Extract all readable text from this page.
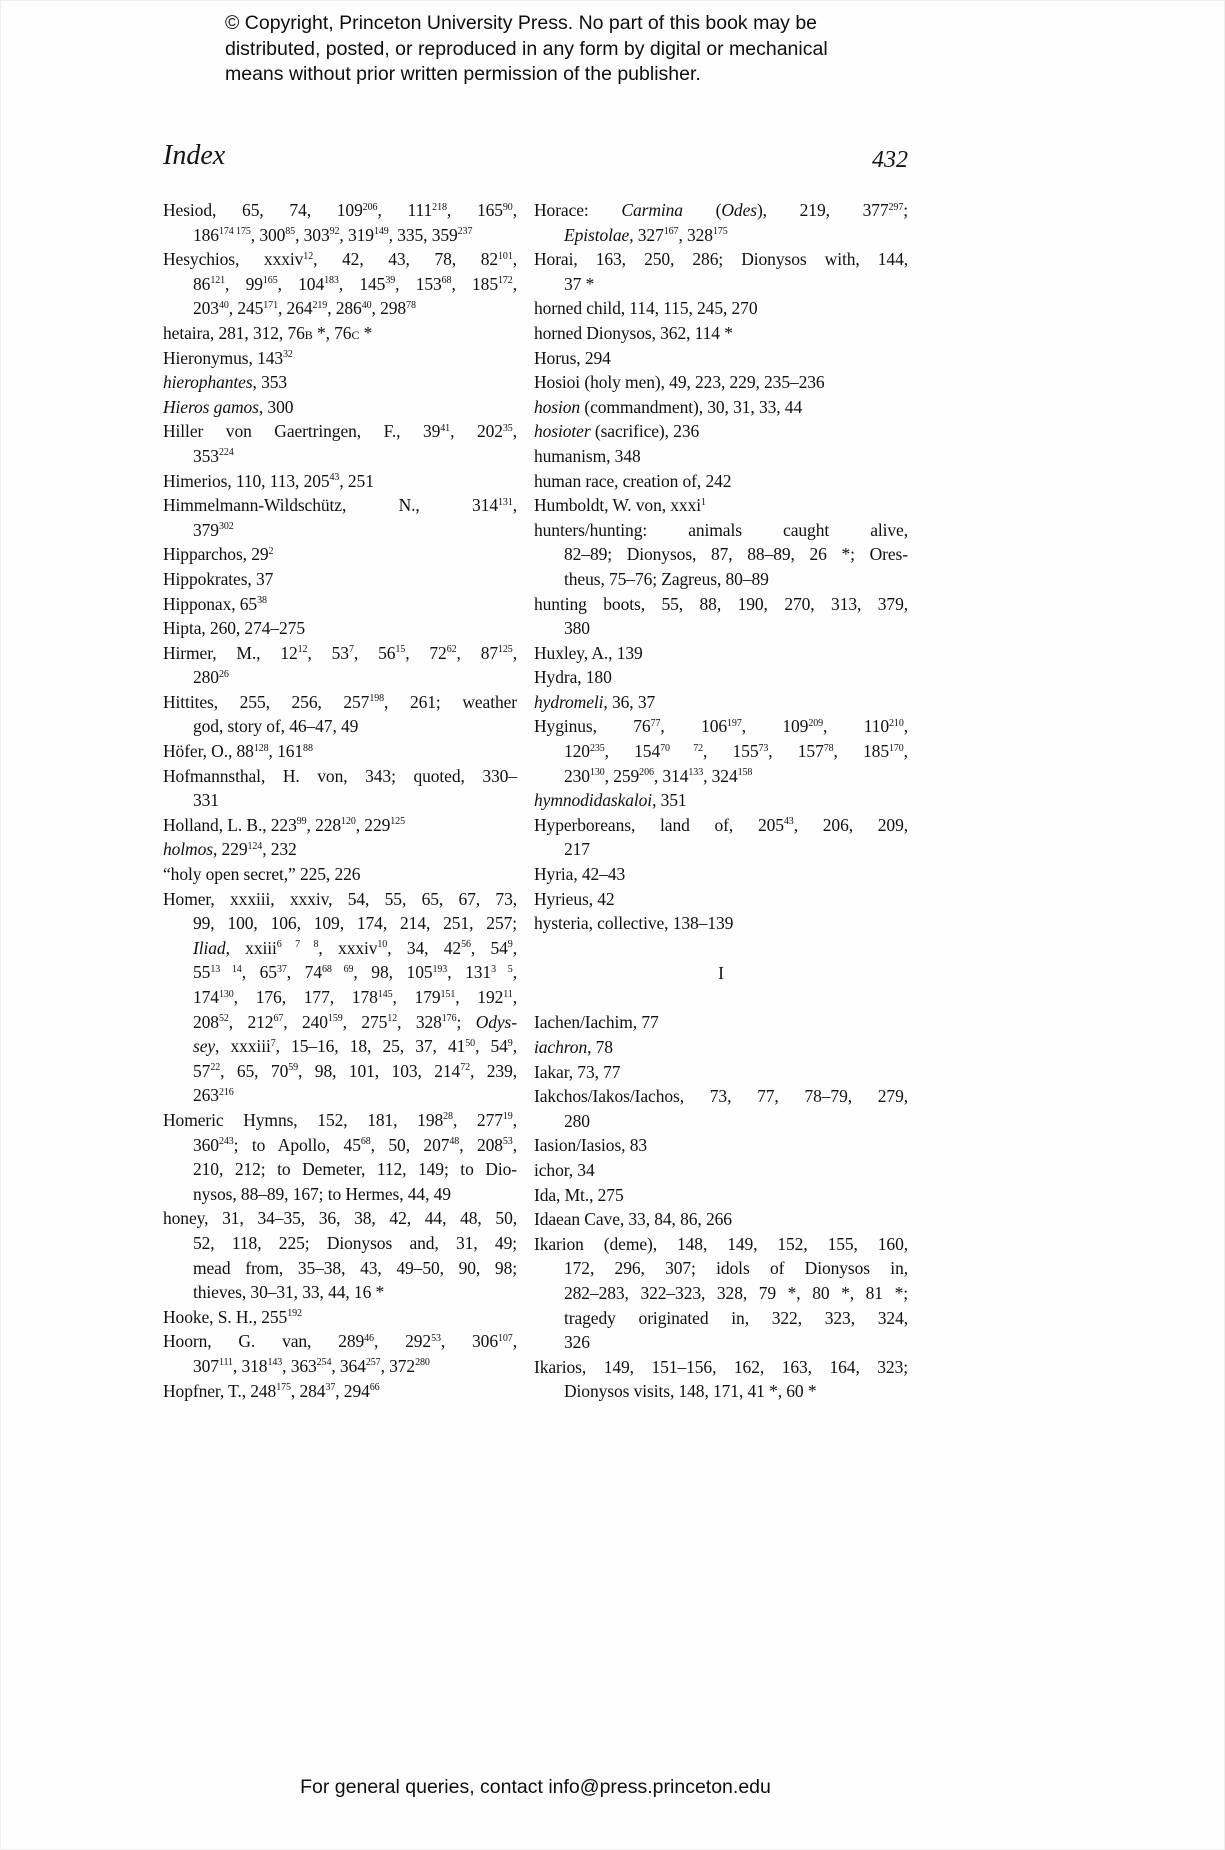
© Copyright, Princeton University Press. No part of this book may be
distributed, posted, or reproduced in any form by digital or mechanical
means without prior written permission of the publisher.
Index	432
Hesiod, 65, 74, $109^{206}$, $111^{218}$, $165^{90}$,
$186^{174 175}$, $300^{85}$, $303^{92}$, $319^{149}$, 335, $359^{237}$
Hesychios, xxxiv$^{12}$, 42, 43, 78, $82^{101}$,
$86^{121}$, $99^{165}$, $104^{183}$, $145^{39}$, $153^{68}$, $185^{172}$,
$203^{40}$, $245^{171}$, $264^{219}$, $286^{40}$, $298^{78}$
hetaira, 281, 312, 76b *, 76c *
Hieronymus, $143^{32}$
hierophantes, 353
Hieros gamos, 300
Hiller von Gaertringen, F., $39^{41}$, $202^{35}$,
$353^{224}$
Himerios, 110, 113, $205^{43}$, 251
Himmelmann-Wildschütz, N., $314^{131}$,
$379^{302}$
Hipparchos, $29^2$
Hippokrates, 37
Hipponax, $65^{38}$
Hipta, 260, 274–275
Hirmer, M., $12^{12}$, $53^7$, $56^{15}$, $72^{62}$, $87^{125}$,
$280^{26}$
Hittites, 255, 256, $257^{198}$, 261; weather
god, story of, 46–47, 49
Höfer, O., $88^{128}$, $161^{88}$
Hofmannsthal, H. von, 343; quoted, 330–
331
Holland, L. B., $223^{99}$, $228^{120}$, $229^{125}$
holmos, $229^{124}$, 232
“holy open secret,” 225, 226
Homer, xxxiii, xxxiv, 54, 55, 65, 67, 73,
99, 100, 106, 109, 174, 214, 251, 257;
Iliad, xxiii$^{6 7 8}$, xxxiv$^{10}$, 34, $42^{56}$, $54^9$,
$55^{13 14}$, $65^{37}$, $74^{68 69}$, 98, $105^{193}$, $131^{3 5}$,
$174^{130}$, 176, 177, $178^{145}$, $179^{151}$, $192^{11}$,
$208^{52}$, $212^{67}$, $240^{159}$, $275^{12}$, $328^{176}$; Odys-
sey, xxxiii$^7$, 15–16, 18, 25, 37, $41^{50}$, $54^9$,
$57^{22}$, 65, $70^{59}$, 98, 101, 103, $214^{72}$, 239,
$263^{216}$
Homeric Hymns, 152, 181, $198^{28}$, $277^{19}$,
$360^{243}$; to Apollo, $45^{68}$, 50, $207^{48}$, $208^{53}$,
210, 212; to Demeter, 112, 149; to Dio-
nysos, 88–89, 167; to Hermes, 44, 49
honey, 31, 34–35, 36, 38, 42, 44, 48, 50,
52, 118, 225; Dionysos and, 31, 49;
mead from, 35–38, 43, 49–50, 90, 98;
thieves, 30–31, 33, 44, 16 *
Hooke, S. H., $255^{192}$
Hoorn, G. van, $289^{46}$, $292^{53}$, $306^{107}$,
$307^{111}$, $318^{143}$, $363^{254}$, $364^{257}$, $372^{280}$
Hopfner, T., $248^{175}$, $284^{37}$, $294^{66}$
Horace: Carmina (Odes), 219, $377^{297}$;
Epistolae, $327^{167}$, $328^{175}$
Horai, 163, 250, 286; Dionysos with, 144,
37 *
horned child, 114, 115, 245, 270
horned Dionysos, 362, 114 *
Horus, 294
Hosioi (holy men), 49, 223, 229, 235–236
hosion (commandment), 30, 31, 33, 44
hosioter (sacrifice), 236
humanism, 348
human race, creation of, 242
Humboldt, W. von, xxxi$^1$
hunters/hunting: animals caught alive,
82–89; Dionysos, 87, 88–89, 26 *; Ores-
theus, 75–76; Zagreus, 80–89
hunting boots, 55, 88, 190, 270, 313, 379,
380
Huxley, A., 139
Hydra, 180
hydromeli, 36, 37
Hyginus, $76^{77}$, $106^{197}$, $109^{209}$, $110^{210}$,
$120^{235}$, $154^{70 72}$, $155^{73}$, $157^{78}$, $185^{170}$,
$230^{130}$, $259^{206}$, $314^{133}$, $324^{158}$
hymnodidaskaloi, 351
Hyperboreans, land of, $205^{43}$, 206, 209,
217
Hyria, 42–43
Hyrieus, 42
hysteria, collective, 138–139
I
Iachen/Iachim, 77
iachron, 78
Iakar, 73, 77
Iakchos/Iakos/Iachos, 73, 77, 78–79, 279,
280
Iasion/Iasios, 83
ichor, 34
Ida, Mt., 275
Idaean Cave, 33, 84, 86, 266
Ikarion (deme), 148, 149, 152, 155, 160,
172, 296, 307; idols of Dionysos in,
282–283, 322–323, 328, 79 *, 80 *, 81 *;
tragedy originated in, 322, 323, 324,
326
Ikarios, 149, 151–156, 162, 163, 164, 323;
Dionysos visits, 148, 171, 41 *, 60 *
For general queries, contact info@press.princeton.edu
